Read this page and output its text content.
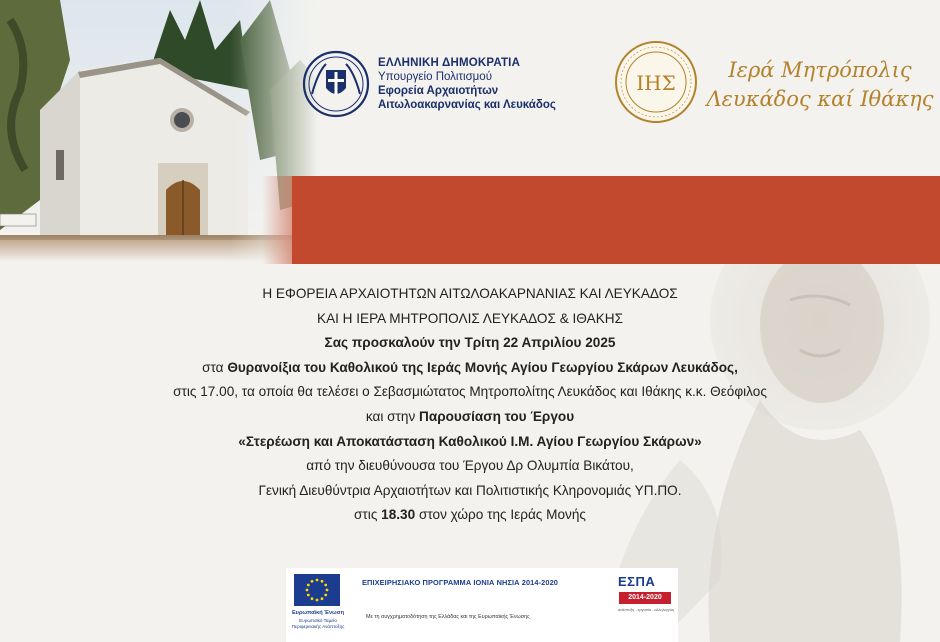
ΕΛΛΗΝΙΚΗ ΔΗΜΟΚΡΑΤΙΑ
Υπουργείο Πολιτισμού
Εφορεία Αρχαιοτήτων
Αιτωλοακαρνανίας και Λευκάδος
ΙΗΣ
Ιερά Μητρόπολις
Λευκάδος καί Ιθάκης
Η ΕΦΟΡΕΙΑ ΑΡΧΑΙΟΤΗΤΩΝ ΑΙΤΩΛΟΑΚΑΡΝΑΝΙΑΣ ΚΑΙ ΛΕΥΚΑΔΟΣ
ΚΑΙ Η ΙΕΡΑ ΜΗΤΡΟΠΟΛΙΣ ΛΕΥΚΑΔΟΣ & ΙΘΑΚΗΣ
Σας προσκαλούν την Τρίτη 22 Απριλίου 2025
στα Θυρανοίξια του Καθολικού της Ιεράς Μονής Αγίου Γεωργίου Σκάρων Λευκάδος,
στις 17.00, τα οποία θα τελέσει ο Σεβασμιώτατος Μητροπολίτης Λευκάδος και Ιθάκης κ.κ. Θεόφιλος
και στην Παρουσίαση του Έργου
«Στερέωση και Αποκατάσταση Καθολικού Ι.Μ. Αγίου Γεωργίου Σκάρων»
από την διευθύνουσα του Έργου Δρ Ολυμπία Βικάτου,
Γενική Διευθύντρια Αρχαιοτήτων και Πολιτιστικής Κληρονομιάς ΥΠ.ΠΟ.
στις 18.30 στον χώρο της Ιεράς Μονής
Ευρωπαϊκή Ένωση
Ευρωπαϊκό Ταμείο Περιφερειακής Ανάπτυξης
ΕΠΙΧΕΙΡΗΣΙΑΚΟ ΠΡΟΓΡΑΜΜΑ ΙΟΝΙΑ ΝΗΣΙΑ 2014-2020
Με τη συγχρηματοδότηση της Ελλάδας και της Ευρωπαϊκής Ένωσης
ΕΣΠΑ
2014-2020
ανάπτυξη - εργασία - αλληλεγγύη
